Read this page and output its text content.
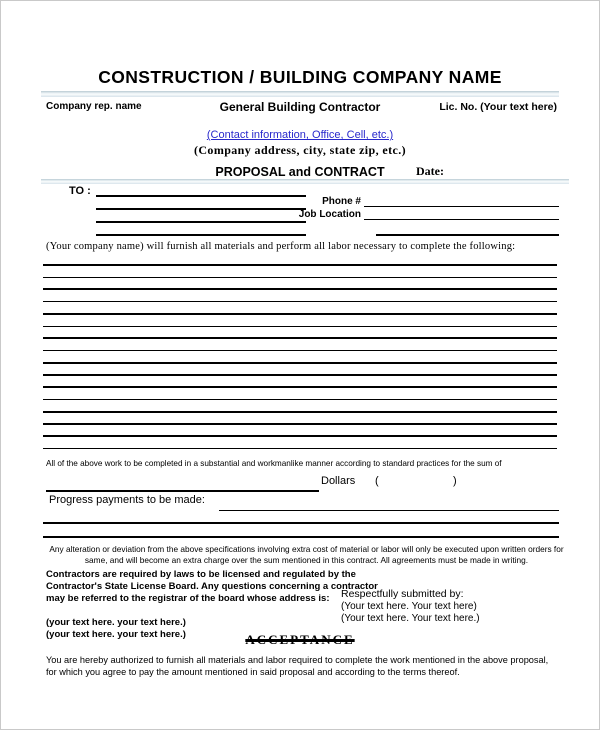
CONSTRUCTION / BUILDING COMPANY NAME
Company rep. name	General Building Contractor	Lic. No. (Your text here)
(Contact information, Office, Cell, etc.)
(Company address, city, state zip, etc.)
PROPOSAL and CONTRACT	Date:
TO :
Phone #
Job Location
(Your company name) will furnish all materials and perform all labor necessary to complete the following:
All of the above work to be completed in a substantial and workmanlike manner according to standard practices for the sum of
Dollars (	)
Progress payments to be made:
Any alteration or deviation from the above specifications involving extra cost of material or labor will only be executed upon written orders for same, and will become an extra charge over the sum mentioned in this contract. All agreements must be made in writing.
Contractors are required by laws to be licensed and regulated by the Contractor's State License Board. Any questions concerning a contractor may be referred to the registrar of the board whose address is:
(your text here. your text here.)
(your text here. your text here.)
Respectfully submitted by:
(Your text here. Your text here)
(Your text here. Your text here.)
ACCEPTANCE
You are hereby authorized to furnish all materials and labor required to complete the work mentioned in the above proposal, for which you agree to pay the amount mentioned in said proposal and according to the terms thereof.
